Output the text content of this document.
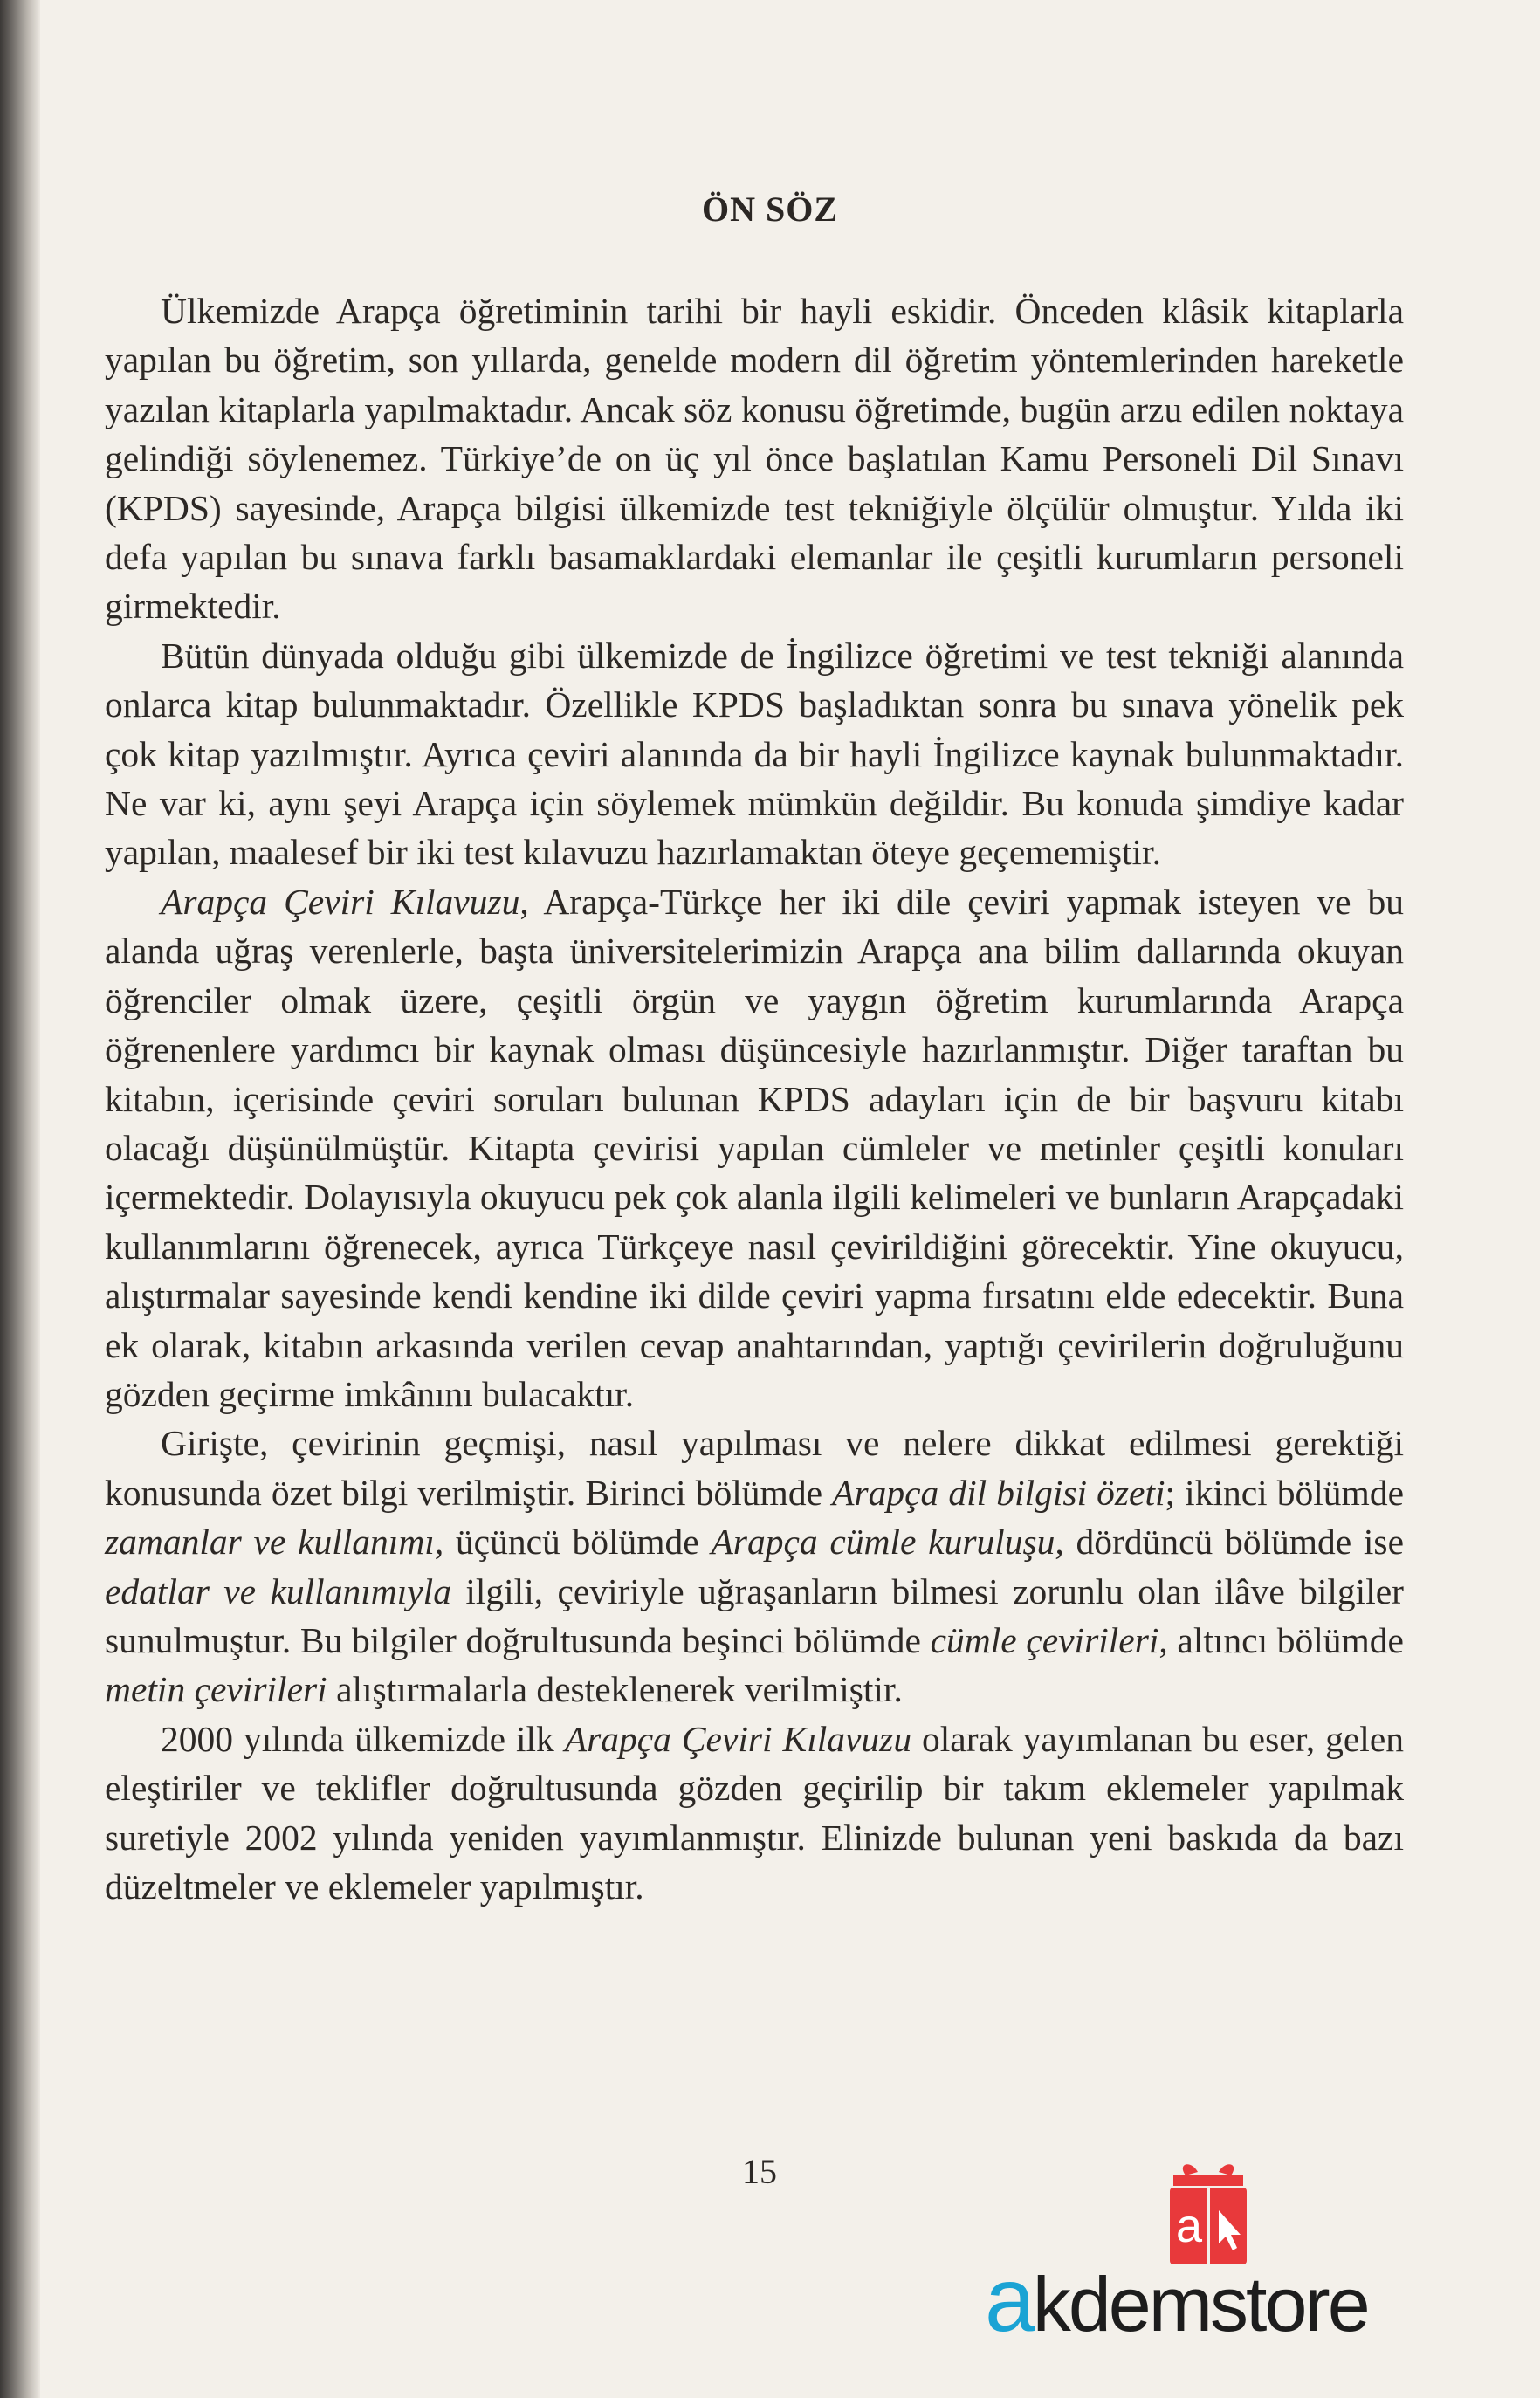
ÖN SÖZ

Ülkemizde Arapça öğretiminin tarihi bir hayli eskidir. Önceden klâsik kitaplarla yapılan bu öğretim, son yıllarda, genelde modern dil öğretim yöntemlerinden hareketle yazılan kitaplarla yapılmaktadır. Ancak söz konusu öğretimde, bugün arzu edilen noktaya gelindiği söylenemez. Türkiye’de on üç yıl önce başlatılan Kamu Personeli Dil Sınavı (KPDS) sayesinde, Arapça bilgisi ülkemizde test tekniğiyle ölçülür olmuştur. Yılda iki defa yapılan bu sınava farklı basamaklardaki elemanlar ile çeşitli kurumların personeli girmektedir.

Bütün dünyada olduğu gibi ülkemizde de İngilizce öğretimi ve test tekniği alanında onlarca kitap bulunmaktadır. Özellikle KPDS başladıktan sonra bu sınava yönelik pek çok kitap yazılmıştır. Ayrıca çeviri alanında da bir hayli İngilizce kaynak bulunmaktadır. Ne var ki, aynı şeyi Arapça için söylemek mümkün değildir. Bu konuda şimdiye kadar yapılan, maalesef bir iki test kılavuzu hazırlamaktan öteye geçememiştir.

Arapça Çeviri Kılavuzu, Arapça-Türkçe her iki dile çeviri yapmak isteyen ve bu alanda uğraş verenlerle, başta üniversitelerimizin Arapça ana bilim dallarında okuyan öğrenciler olmak üzere, çeşitli örgün ve yaygın öğretim kurumlarında Arapça öğrenenlere yardımcı bir kaynak olması düşüncesiyle hazırlanmıştır. Diğer taraftan bu kitabın, içerisinde çeviri soruları bulunan KPDS adayları için de bir başvuru kitabı olacağı düşünülmüştür. Kitapta çevirisi yapılan cümleler ve metinler çeşitli konuları içermektedir. Dolayısıyla okuyucu pek çok alanla ilgili kelimeleri ve bunların Arapçadaki kullanımlarını öğrenecek, ayrıca Türkçeye nasıl çevirildiğini görecektir. Yine okuyucu, alıştırmalar sayesinde kendi kendine iki dilde çeviri yapma fırsatını elde edecektir. Buna ek olarak, kitabın arkasında verilen cevap anahtarından, yaptığı çevirilerin doğruluğunu gözden geçirme imkânını bulacaktır.

Girişte, çevirinin geçmişi, nasıl yapılması ve nelere dikkat edilmesi gerektiği konusunda özet bilgi verilmiştir. Birinci bölümde Arapça dil bilgisi özeti; ikinci bölümde zamanlar ve kullanımı, üçüncü bölümde Arapça cümle kuruluşu, dördüncü bölümde ise edatlar ve kullanımıyla ilgili, çeviriyle uğraşanların bilmesi zorunlu olan ilâve bilgiler sunulmuştur. Bu bilgiler doğrultusunda beşinci bölümde cümle çevirileri, altıncı bölümde metin çevirileri alıştırmalarla desteklenerek verilmiştir.

2000 yılında ülkemizde ilk Arapça Çeviri Kılavuzu olarak yayımlanan bu eser, gelen eleştiriler ve teklifler doğrultusunda gözden geçirilip bir takım eklemeler yapılmak suretiyle 2002 yılında yeniden yayımlanmıştır. Elinizde bulunan yeni baskıda da bazı düzeltmeler ve eklemeler yapılmıştır.

15
a
akdemstore
